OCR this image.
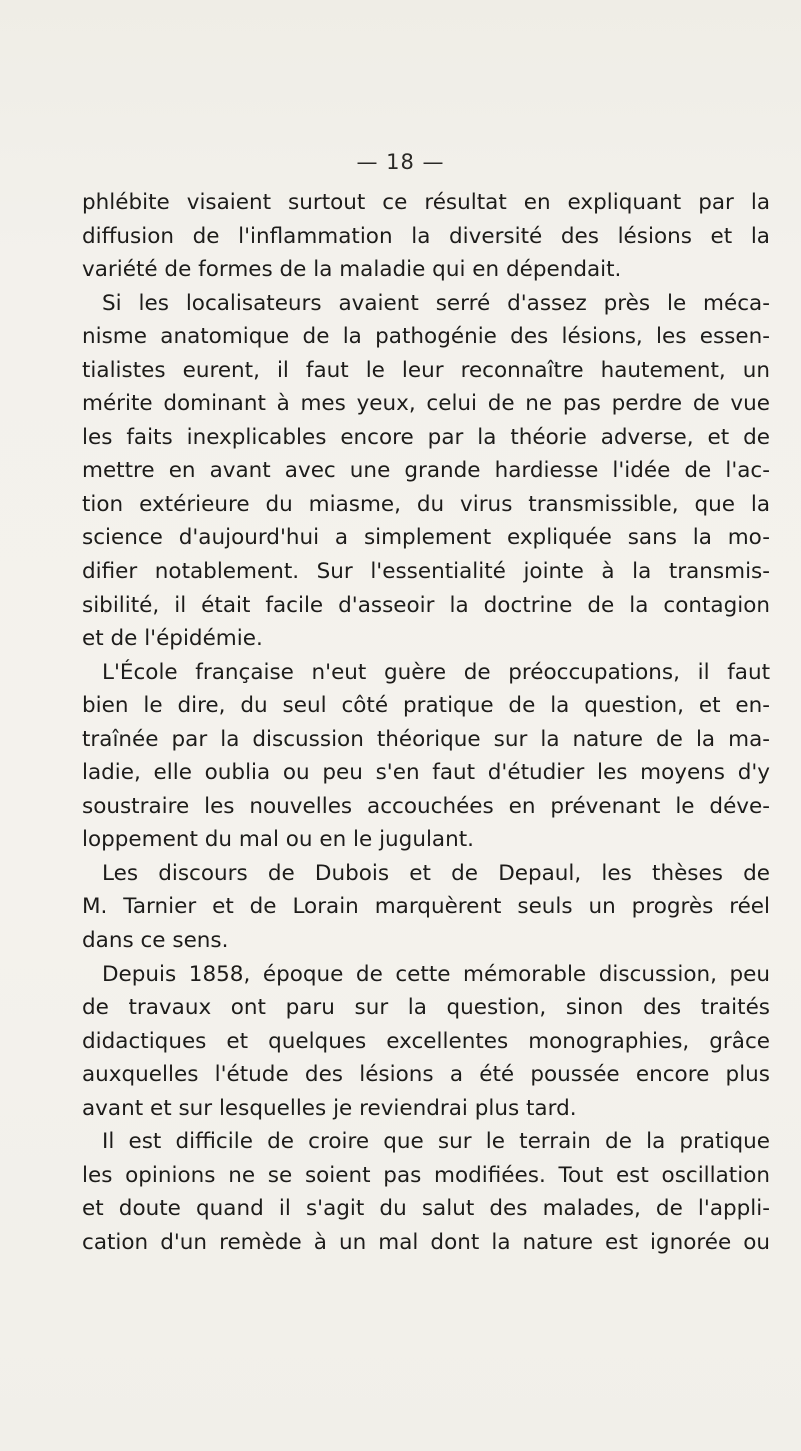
— 18 —
phlébite visaient surtout ce résultat en expliquant par la
diffusion de l'inflammation la diversité des lésions et la
variété de formes de la maladie qui en dépendait.
Si les localisateurs avaient serré d'assez près le méca-
nisme anatomique de la pathogénie des lésions, les essen-
tialistes eurent, il faut le leur reconnaître hautement, un
mérite dominant à mes yeux, celui de ne pas perdre de vue
les faits inexplicables encore par la théorie adverse, et de
mettre en avant avec une grande hardiesse l'idée de l'ac-
tion extérieure du miasme, du virus transmissible, que la
science d'aujourd'hui a simplement expliquée sans la mo-
difier notablement. Sur l'essentialité jointe à la transmis-
sibilité, il était facile d'asseoir la doctrine de la contagion
et de l'épidémie.
L'École française n'eut guère de préoccupations, il faut
bien le dire, du seul côté pratique de la question, et en-
traînée par la discussion théorique sur la nature de la ma-
ladie, elle oublia ou peu s'en faut d'étudier les moyens d'y
soustraire les nouvelles accouchées en prévenant le déve-
loppement du mal ou en le jugulant.
Les discours de Dubois et de Depaul, les thèses de
M. Tarnier et de Lorain marquèrent seuls un progrès réel
dans ce sens.
Depuis 1858, époque de cette mémorable discussion, peu
de travaux ont paru sur la question, sinon des traités
didactiques et quelques excellentes monographies, grâce
auxquelles l'étude des lésions a été poussée encore plus
avant et sur lesquelles je reviendrai plus tard.
Il est difficile de croire que sur le terrain de la pratique
les opinions ne se soient pas modifiées. Tout est oscillation
et doute quand il s'agit du salut des malades, de l'appli-
cation d'un remède à un mal dont la nature est ignorée ou
